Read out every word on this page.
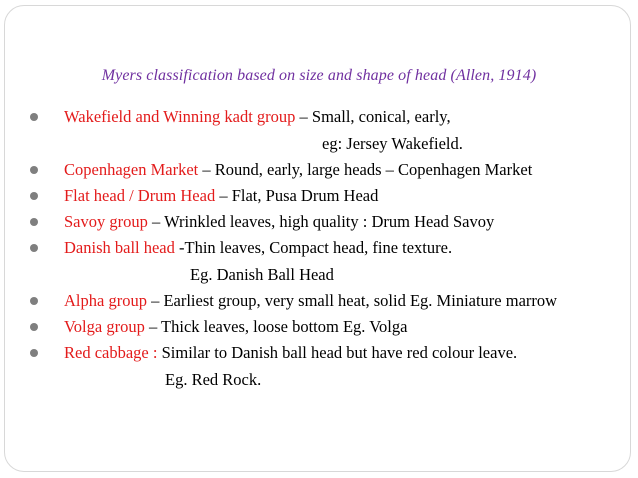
Myers classification based on size and shape of head (Allen, 1914)
Wakefield and Winning kadt group – Small, conical, early,
eg: Jersey Wakefield.
Copenhagen Market – Round, early, large heads – Copenhagen Market
Flat head / Drum Head – Flat, Pusa Drum Head
Savoy group – Wrinkled leaves, high quality : Drum Head Savoy
Danish ball head -Thin leaves, Compact head, fine texture.
Eg. Danish Ball Head
Alpha group – Earliest group, very small heat, solid Eg. Miniature marrow
Volga group – Thick leaves, loose bottom Eg. Volga
Red cabbage : Similar to Danish ball head but have red colour leave.
Eg. Red Rock.
